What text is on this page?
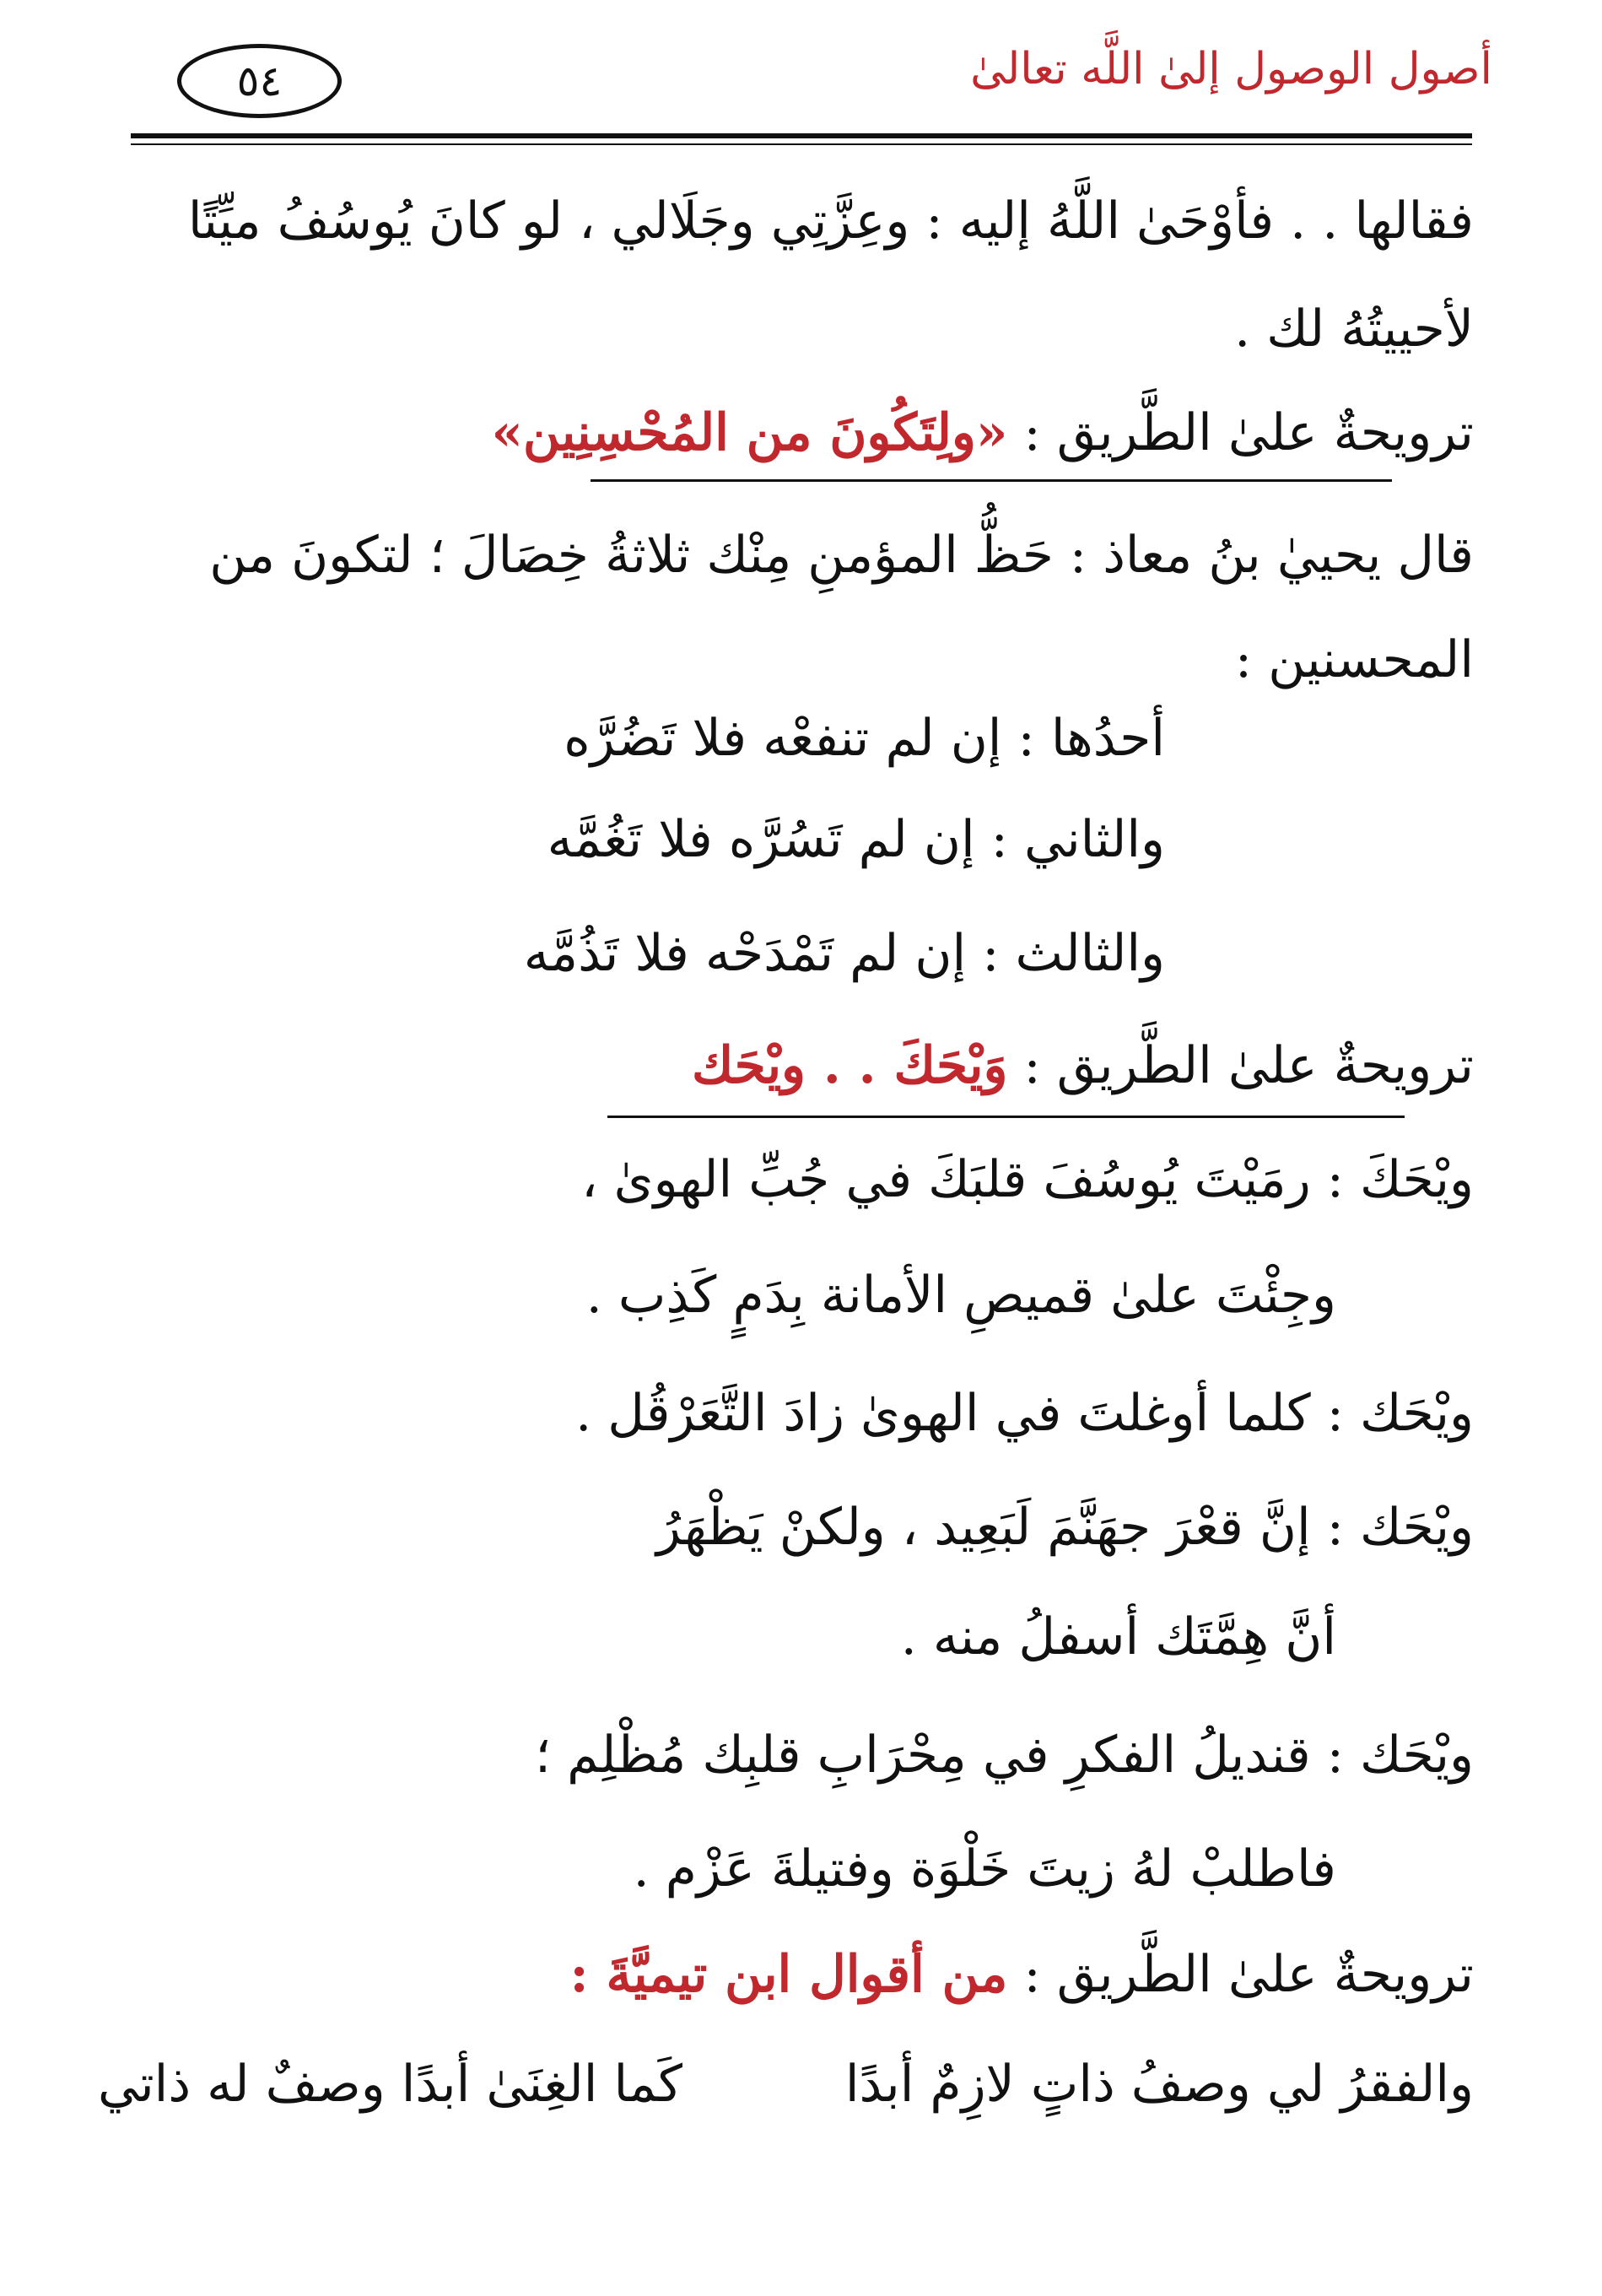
أصول الوصول إلىٰ اللَّه تعالىٰ
٥٤
فقالها . . فأوْحَىٰ اللَّهُ إليه : وعِزَّتِي وجَلَالي ، لو كانَ يُوسُفُ ميِّتًا
لأحييتُهُ لك .
ترويحةٌ علىٰ الطَّريق : «ولِتَكُونَ من المُحْسِنِين»
قال يحييٰ بنُ معاذ : حَظُّ المؤمنِ مِنْك ثلاثةُ خِصَالَ ؛ لتكونَ من
المحسنين :
أحدُها : إن لم تنفعْه فلا تَضُرَّه
والثاني : إن لم تَسُرَّه فلا تَغُمَّه
والثالث : إن لم تَمْدَحْه فلا تَذُمَّه
ترويحةٌ علىٰ الطَّريق : وَيْحَكَ . . ويْحَك
ويْحَكَ : رمَيْتَ يُوسُفَ قلبَكَ في جُبِّ الهوىٰ ،
وجِئْتَ علىٰ قميصِ الأمانة بِدَمٍ كَذِب .
ويْحَك : كلما أوغلتَ في الهوىٰ زادَ التَّعَرْقُل .
ويْحَك : إنَّ قعْرَ جهَنَّمَ لَبَعِيد ، ولكنْ يَظْهَرُ
أنَّ هِمَّتَك أسفلُ منه .
ويْحَك : قنديلُ الفكرِ في مِحْرَابِ قلبِك مُظْلِم ؛
فاطلبْ لهُ زيتَ خَلْوَة وفتيلةَ عَزْم .
ترويحةٌ علىٰ الطَّريق : من أقوال ابن تيميَّةَ :
والفقرُ لي وصفُ ذاتٍ لازِمٌ أبدًا
كَما الغِنَىٰ أبدًا وصفٌ له ذاتي
